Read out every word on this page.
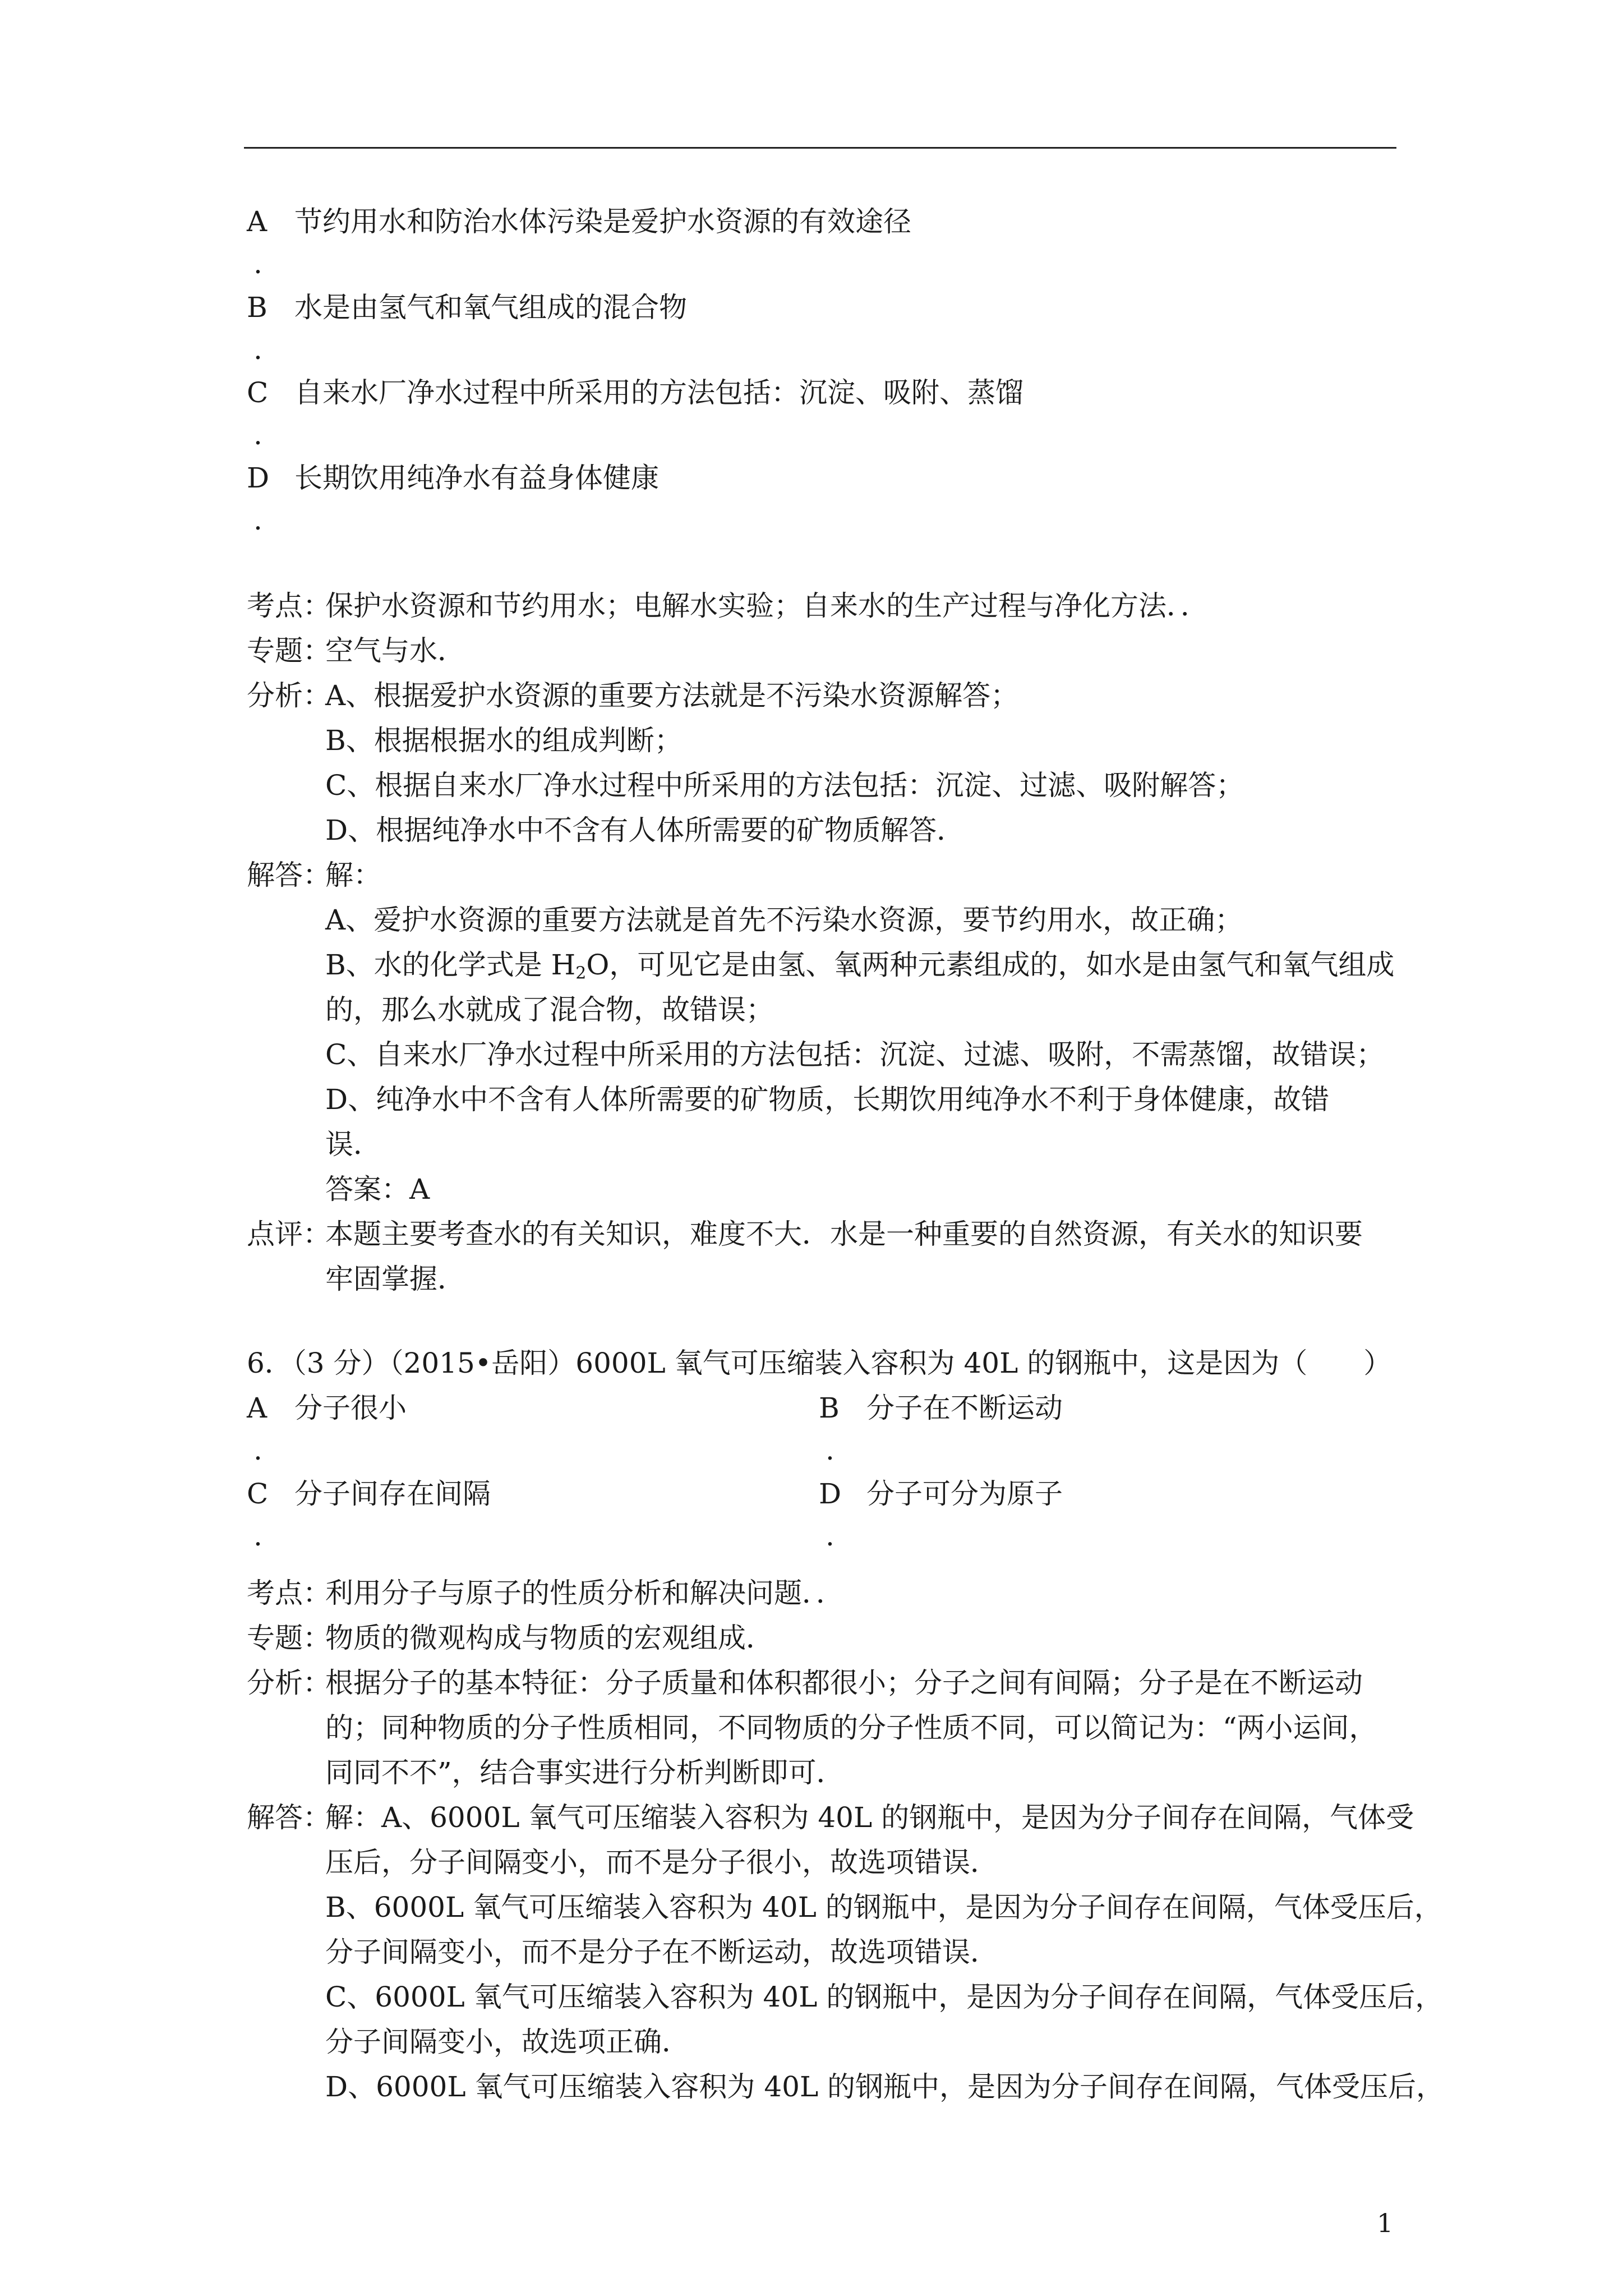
A 节约用水和防治水体污染是爱护水资源的有效途径
.
B 水是由氢气和氧气组成的混合物
.
C 自来水厂净水过程中所采用的方法包括：沉淀、吸附、蒸馏
.
D 长期饮用纯净水有益身体健康
.
考点：
保护水资源和节约用水；电解水实验；自来水的生产过程与净化方法．．
专题：
空气与水．
分析：
A、根据爱护水资源的重要方法就是不污染水资源解答；
B、根据根据水的组成判断；
C、根据自来水厂净水过程中所采用的方法包括：沉淀、过滤、吸附解答；
D、根据纯净水中不含有人体所需要的矿物质解答．
解答：
解：
A、爱护水资源的重要方法就是首先不污染水资源，要节约用水，故正确；
B、水的化学式是 $H_2O$，可见它是由氢、氧两种元素组成的，如水是由氢气和氧气组成
的，那么水就成了混合物，故错误；
C、自来水厂净水过程中所采用的方法包括：沉淀、过滤、吸附，不需蒸馏，故错误；
D、纯净水中不含有人体所需要的矿物质，长期饮用纯净水不利于身体健康，故错
误．
答案：A
点评：
本题主要考查水的有关知识，难度不大．水是一种重要的自然资源，有关水的知识要
牢固掌握．
6．（3 分）（2015•岳阳）6000L 氧气可压缩装入容积为 40L 的钢瓶中，这是因为（　　）
A 分子很小
.
B 分子在不断运动
.
C 分子间存在间隔
.
D 分子可分为原子
.
考点：
利用分子与原子的性质分析和解决问题．．
专题：
物质的微观构成与物质的宏观组成．
分析：
根据分子的基本特征：分子质量和体积都很小；分子之间有间隔；分子是在不断运动
的；同种物质的分子性质相同，不同物质的分子性质不同，可以简记为：“两小运间，
同同不不”，结合事实进行分析判断即可．
解答：
解：A、6000L 氧气可压缩装入容积为 40L 的钢瓶中，是因为分子间存在间隔，气体受
压后，分子间隔变小，而不是分子很小，故选项错误．
B、6000L 氧气可压缩装入容积为 40L 的钢瓶中，是因为分子间存在间隔，气体受压后，
分子间隔变小，而不是分子在不断运动，故选项错误．
C、6000L 氧气可压缩装入容积为 40L 的钢瓶中，是因为分子间存在间隔，气体受压后，
分子间隔变小，故选项正确．
D、6000L 氧气可压缩装入容积为 40L 的钢瓶中，是因为分子间存在间隔，气体受压后，
1
